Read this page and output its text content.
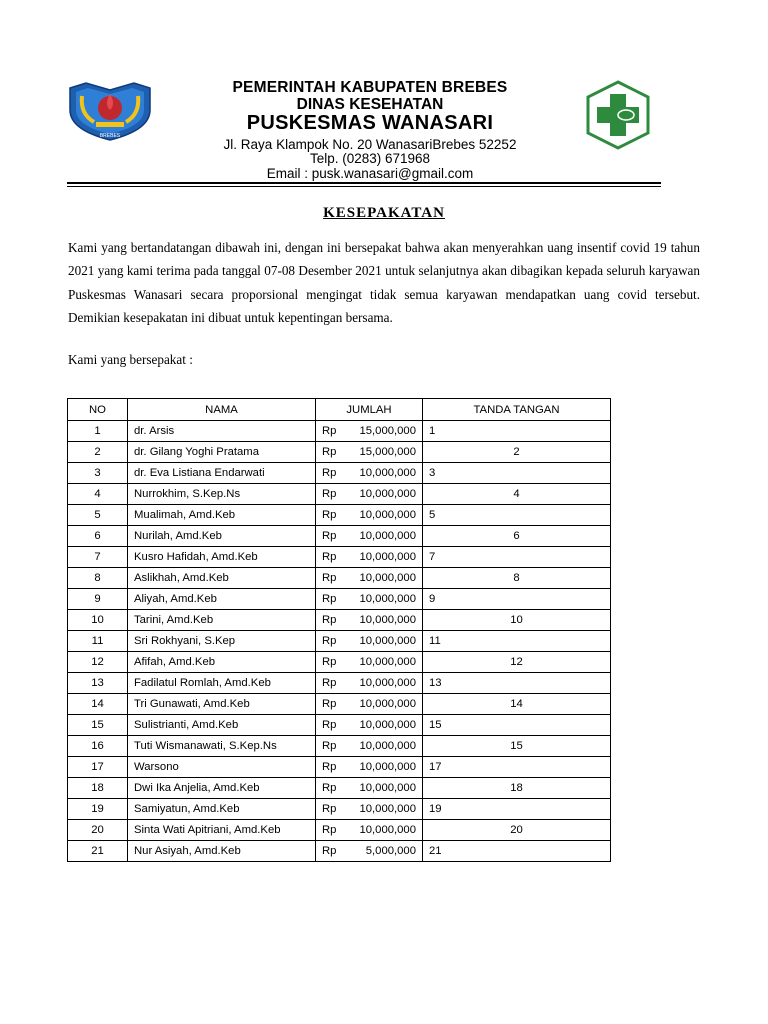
BREBES
PEMERINTAH KABUPATEN BREBES
DINAS KESEHATAN
PUSKESMAS WANASARI
Jl. Raya Klampok No. 20 WanasariBrebes 52252
Telp. (0283) 671968
Email : pusk.wanasari@gmail.com
KESEPAKATAN
Kami yang bertandatangan dibawah ini, dengan ini bersepakat bahwa akan menyerahkan uang insentif covid 19 tahun 2021 yang kami terima pada tanggal 07-08 Desember 2021 untuk selanjutnya akan dibagikan kepada seluruh karyawan Puskesmas Wanasari secara proporsional mengingat tidak semua karyawan mendapatkan uang covid tersebut. Demikian kesepakatan ini dibuat untuk kepentingan bersama.
Kami yang bersepakat :
NO	NAMA	JUMLAH	TANDA TANGAN
1	dr. Arsis	Rp 15,000,000	1
2	dr. Gilang Yoghi Pratama	Rp 15,000,000	2
3	dr. Eva Listiana Endarwati	Rp 10,000,000	3
4	Nurrokhim, S.Kep.Ns	Rp 10,000,000	4
5	Mualimah, Amd.Keb	Rp 10,000,000	5
6	Nurilah, Amd.Keb	Rp 10,000,000	6
7	Kusro Hafidah, Amd.Keb	Rp 10,000,000	7
8	Aslikhah, Amd.Keb	Rp 10,000,000	8
9	Aliyah, Amd.Keb	Rp 10,000,000	9
10	Tarini, Amd.Keb	Rp 10,000,000	10
11	Sri Rokhyani, S.Kep	Rp 10,000,000	11
12	Afifah, Amd.Keb	Rp 10,000,000	12
13	Fadilatul Romlah, Amd.Keb	Rp 10,000,000	13
14	Tri Gunawati, Amd.Keb	Rp 10,000,000	14
15	Sulistrianti, Amd.Keb	Rp 10,000,000	15
16	Tuti Wismanawati, S.Kep.Ns	Rp 10,000,000	15
17	Warsono	Rp 10,000,000	17
18	Dwi Ika Anjelia, Amd.Keb	Rp 10,000,000	18
19	Samiyatun, Amd.Keb	Rp 10,000,000	19
20	Sinta Wati Apitriani, Amd.Keb	Rp 10,000,000	20
21	Nur Asiyah, Amd.Keb	Rp 5,000,000	21
